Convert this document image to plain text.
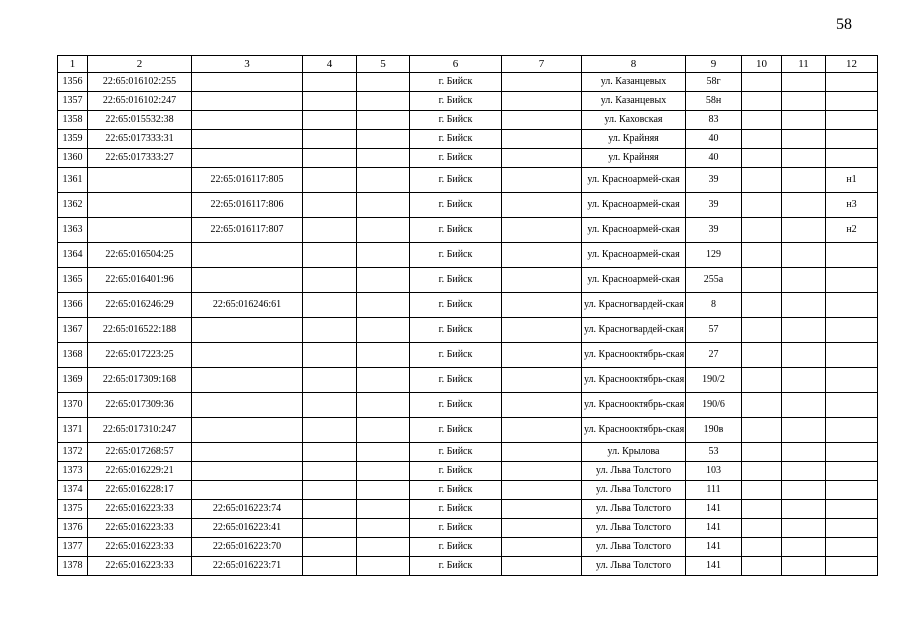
58
1	2	3	4	5	6	7	8	9	10	11	12
1356	22:65:016102:255				г. Бийск		ул. Казанцевых	58г			
1357	22:65:016102:247				г. Бийск		ул. Казанцевых	58н			
1358	22:65:015532:38				г. Бийск		ул. Каховская	83			
1359	22:65:017333:31				г. Бийск		ул. Крайняя	40			
1360	22:65:017333:27				г. Бийск		ул. Крайняя	40			
1361		22:65:016117:805			г. Бийск		ул. Красноармей-ская	39			н1
1362		22:65:016117:806			г. Бийск		ул. Красноармей-ская	39			н3
1363		22:65:016117:807			г. Бийск		ул. Красноармей-ская	39			н2
1364	22:65:016504:25				г. Бийск		ул. Красноармей-ская	129			
1365	22:65:016401:96				г. Бийск		ул. Красноармей-ская	255а			
1366	22:65:016246:29	22:65:016246:61			г. Бийск		ул. Красногвардей-ская	8			
1367	22:65:016522:188				г. Бийск		ул. Красногвардей-ская	57			
1368	22:65:017223:25				г. Бийск		ул. Краснооктябрь-ская	27			
1369	22:65:017309:168				г. Бийск		ул. Краснооктябрь-ская	190/2			
1370	22:65:017309:36				г. Бийск		ул. Краснооктябрь-ская	190/6			
1371	22:65:017310:247				г. Бийск		ул. Краснооктябрь-ская	190в			
1372	22:65:017268:57				г. Бийск		ул. Крылова	53			
1373	22:65:016229:21				г. Бийск		ул. Льва Толстого	103			
1374	22:65:016228:17				г. Бийск		ул. Льва Толстого	111			
1375	22:65:016223:33	22:65:016223:74			г. Бийск		ул. Льва Толстого	141			
1376	22:65:016223:33	22:65:016223:41			г. Бийск		ул. Льва Толстого	141			
1377	22:65:016223:33	22:65:016223:70			г. Бийск		ул. Льва Толстого	141			
1378	22:65:016223:33	22:65:016223:71			г. Бийск		ул. Льва Толстого	141			
